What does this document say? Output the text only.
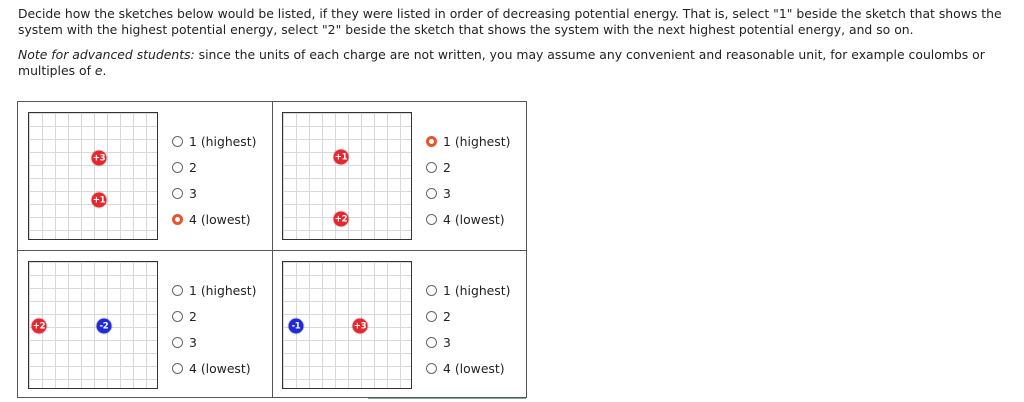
Decide how the sketches below would be listed, if they were listed in order of decreasing potential energy. That is, select "1" beside the sketch that shows the system with the highest potential energy, select "2" beside the sketch that shows the system with the next highest potential energy, and so on.

Note for advanced students: since the units of each charge are not written, you may assume any convenient and reasonable unit, for example coulombs or multiples of e.

+3
+1
1 (highest)
2
3
4 (lowest)
+1
+2
1 (highest)
2
3
4 (lowest)
+2	-2
1 (highest)
2
3
4 (lowest)
-1	+3
1 (highest)
2
3
4 (lowest)
